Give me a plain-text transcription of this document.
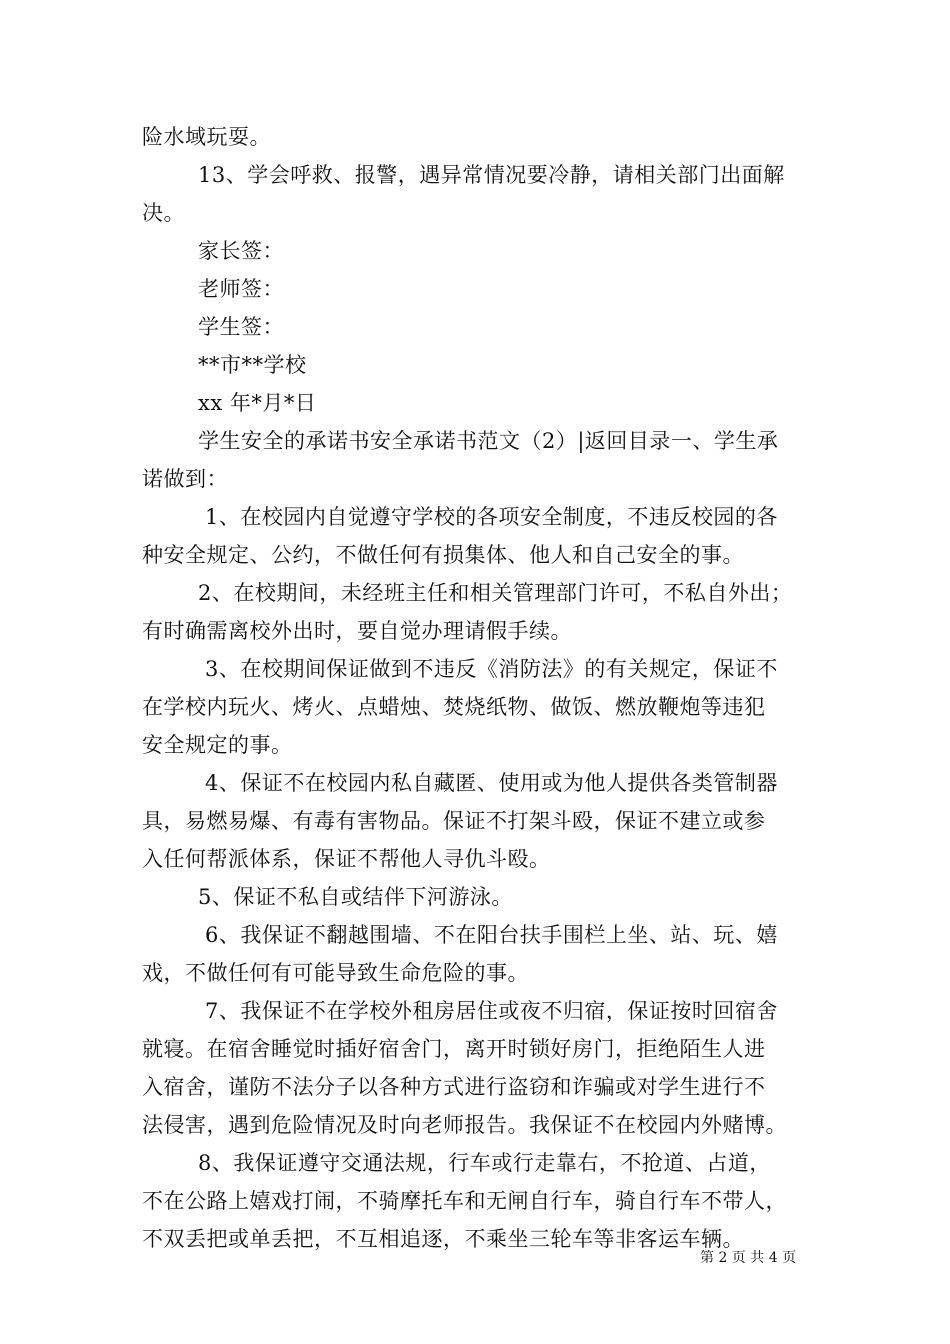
险水域玩耍。
13、学会呼救、报警，遇异常情况要冷静，请相关部门出面解
决。
家长签：
老师签：
学生签：
**市**学校
xx 年*月*日
学生安全的承诺书安全承诺书范文（2）|返回目录一、学生承
诺做到：
1、在校园内自觉遵守学校的各项安全制度，不违反校园的各
种安全规定、公约，不做任何有损集体、他人和自己安全的事。
2、在校期间，未经班主任和相关管理部门许可，不私自外出；
有时确需离校外出时，要自觉办理请假手续。
3、在校期间保证做到不违反《消防法》的有关规定，保证不
在学校内玩火、烤火、点蜡烛、焚烧纸物、做饭、燃放鞭炮等违犯
安全规定的事。
4、保证不在校园内私自藏匿、使用或为他人提供各类管制器
具，易燃易爆、有毒有害物品。保证不打架斗殴，保证不建立或参
入任何帮派体系，保证不帮他人寻仇斗殴。
5、保证不私自或结伴下河游泳。
6、我保证不翻越围墙、不在阳台扶手围栏上坐、站、玩、嬉
戏，不做任何有可能导致生命危险的事。
7、我保证不在学校外租房居住或夜不归宿，保证按时回宿舍
就寝。在宿舍睡觉时插好宿舍门，离开时锁好房门，拒绝陌生人进
入宿舍，谨防不法分子以各种方式进行盗窃和诈骗或对学生进行不
法侵害，遇到危险情况及时向老师报告。我保证不在校园内外赌博。
8、我保证遵守交通法规，行车或行走靠右，不抢道、占道，
不在公路上嬉戏打闹，不骑摩托车和无闸自行车，骑自行车不带人，
不双丢把或单丢把，不互相追逐，不乘坐三轮车等非客运车辆。
第 2 页 共 4 页
